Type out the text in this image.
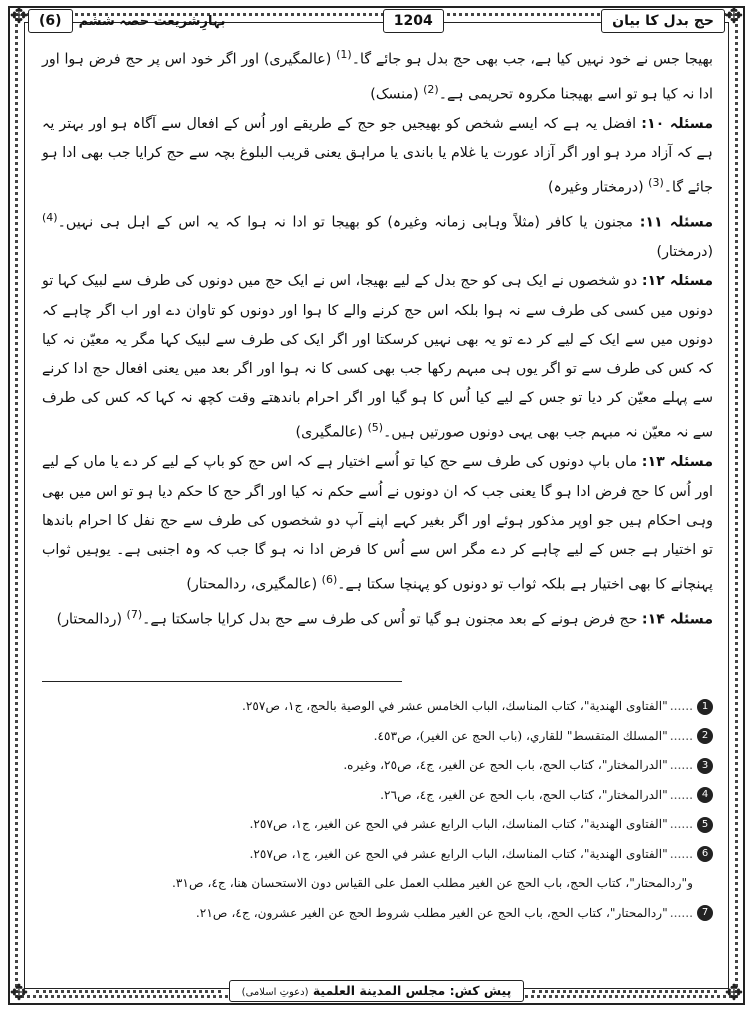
✥	✥
✥	✥
بہارِشریعت حصہ ششم
(6)	1204	حج بدل کا بیان

بھیجا جس نے خود نہیں کیا ہے، جب بھی حج بدل ہو جائے گا۔$^{(1)}$ (عالمگیری) اور اگر خود اس پر حج فرض ہوا اور ادا نہ کیا ہو تو اسے بھیجنا مکروہ تحریمی ہے۔$^{(2)}$ (منسک)

مسئلہ ۱۰: افضل یہ ہے کہ ایسے شخص کو بھیجیں جو حج کے طریقے اور اُس کے افعال سے آگاہ ہو اور بہتر یہ ہے کہ آزاد مرد ہو اور اگر آزاد عورت یا غلام یا باندی یا مراہق یعنی قریب البلوغ بچہ سے حج کرایا جب بھی ادا ہو جائے گا۔$^{(3)}$ (درمختار وغیرہ)

مسئلہ ۱۱: مجنون یا کافر (مثلاً وہابی زمانہ وغیرہ) کو بھیجا تو ادا نہ ہوا کہ یہ اس کے اہل ہی نہیں۔$^{(4)}$ (درمختار)

مسئلہ ۱۲: دو شخصوں نے ایک ہی کو حج بدل کے لیے بھیجا، اس نے ایک حج میں دونوں کی طرف سے لبیک کہا تو دونوں میں کسی کی طرف سے نہ ہوا بلکہ اس حج کرنے والے کا ہوا اور دونوں کو تاوان دے اور اب اگر چاہے کہ دونوں میں سے ایک کے لیے کر دے تو یہ بھی نہیں کرسکتا اور اگر ایک کی طرف سے لبیک کہا مگر یہ معیّن نہ کیا کہ کس کی طرف سے تو اگر یوں ہی مبہم رکھا جب بھی کسی کا نہ ہوا اور اگر بعد میں یعنی افعال حج ادا کرنے سے پہلے معیّن کر دیا تو جس کے لیے کیا اُس کا ہو گیا اور اگر احرام باندھتے وقت کچھ نہ کہا کہ کس کی طرف سے نہ معیّن نہ مبہم جب بھی یہی دونوں صورتیں ہیں۔$^{(5)}$ (عالمگیری)

مسئلہ ۱۳: ماں باپ دونوں کی طرف سے حج کیا تو اُسے اختیار ہے کہ اس حج کو باپ کے لیے کر دے یا ماں کے لیے اور اُس کا حج فرض ادا ہو گا یعنی جب کہ ان دونوں نے اُسے حکم نہ کیا اور اگر حج کا حکم دیا ہو تو اس میں بھی وہی احکام ہیں جو اوپر مذکور ہوئے اور اگر بغیر کہے اپنے آپ دو شخصوں کی طرف سے حج نفل کا احرام باندھا تو اختیار ہے جس کے لیے چاہے کر دے مگر اس سے اُس کا فرض ادا نہ ہو گا جب کہ وہ اجنبی ہے۔ یوہیں ثواب پہنچانے کا بھی اختیار ہے بلکہ ثواب تو دونوں کو پہنچا سکتا ہے۔$^{(6)}$ (عالمگیری، ردالمحتار)

مسئلہ ۱۴: حج فرض ہونے کے بعد مجنون ہو گیا تو اُس کی طرف سے حج بدل کرایا جاسکتا ہے۔$^{(7)}$ (ردالمحتار)

1
......
"الفتاوی الهندية"، كتاب المناسك، الباب الخامس عشر في الوصية بالحج، ج١، ص٢٥٧.
2
......
"المسلك المتقسط" للقاري، (باب الحج عن الغير)، ص٤٥٣.
3
......
"الدرالمختار"، كتاب الحج، باب الحج عن الغير، ج٤، ص٢٥، وغيره.
4
......
"الدرالمختار"، كتاب الحج، باب الحج عن الغير، ج٤، ص٢٦.
5
......
"الفتاوى الهندية"، كتاب المناسك، الباب الرابع عشر في الحج عن الغير، ج١، ص٢٥٧.
6
......
"الفتاوى الهندية"، كتاب المناسك، الباب الرابع عشر في الحج عن الغير، ج١، ص٢٥٧.
و"ردالمحتار"، كتاب الحج، باب الحج عن الغير مطلب العمل على القياس دون الاستحسان هنا، ج٤، ص٣١.
7
......
"ردالمحتار"، كتاب الحج، باب الحج عن الغير مطلب شروط الحج عن الغير عشرون، ج٤، ص٢١.
پیش کش: مجلس المدينة العلمية (دعوتِ اسلامی)
